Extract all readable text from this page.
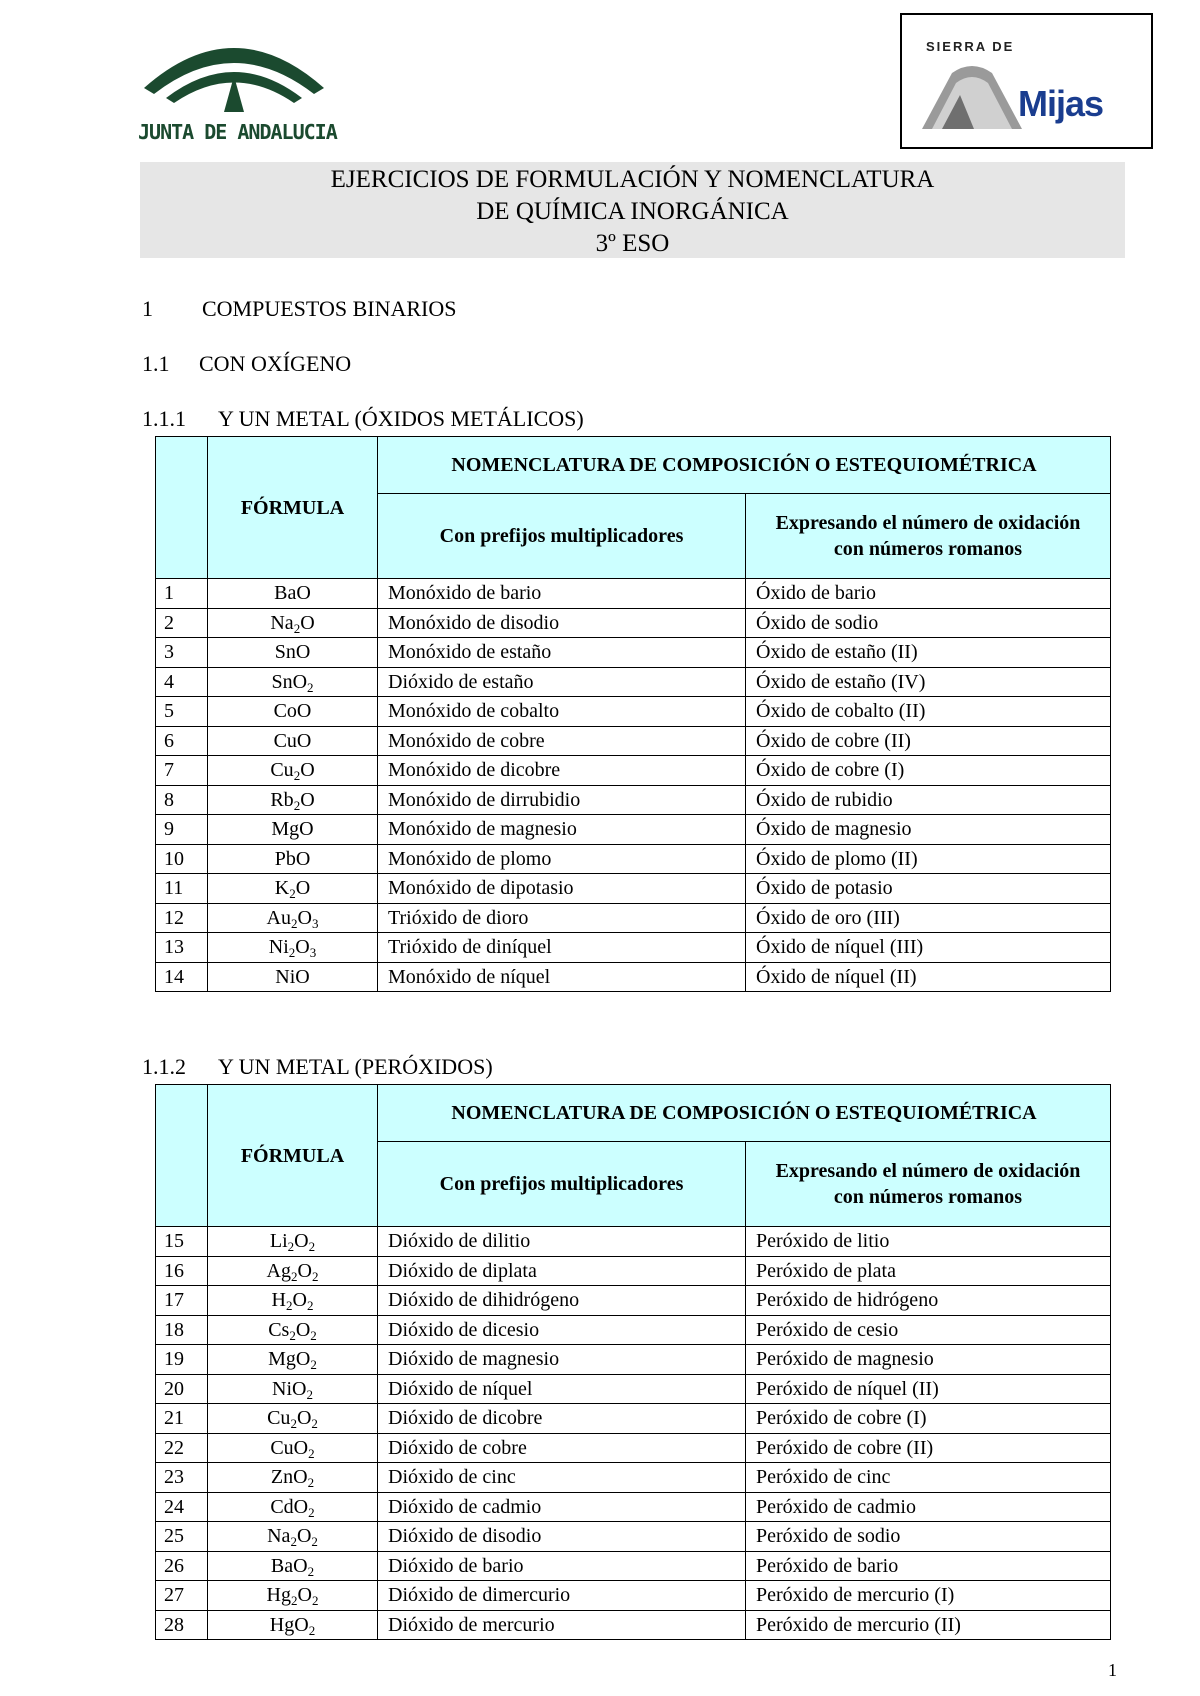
JUNTA DE ANDALUCIA
SIERRA DE
Mijas
EJERCICIOS DE FORMULACIÓN Y NOMENCLATURA
DE QUÍMICA INORGÁNICA
3º ESO
1 COMPUESTOS BINARIOS
1.1 CON OXÍGENO
1.1.1 Y UN METAL (ÓXIDOS METÁLICOS)
	FÓRMULA	NOMENCLATURA DE COMPOSICIÓN O ESTEQUIOMÉTRICA	
		Con prefijos multiplicadores	Expresando el número de oxidación
con números romanos
1	BaO	Monóxido de bario	Óxido de bario
2	$Na_2O$	Monóxido de disodio	Óxido de sodio
3	SnO	Monóxido de estaño	Óxido de estaño (II)
4	SnO$_2$	Dióxido de estaño	Óxido de estaño (IV)
5	CoO	Monóxido de cobalto	Óxido de cobalto (II)
6	CuO	Monóxido de cobre	Óxido de cobre (II)
7	$Cu_2O$	Monóxido de dicobre	Óxido de cobre (I)
8	$Rb_2O$	Monóxido de dirrubidio	Óxido de rubidio
9	MgO	Monóxido de magnesio	Óxido de magnesio
10	PbO	Monóxido de plomo	Óxido de plomo (II)
11	$K_2O$	Monóxido de dipotasio	Óxido de potasio
12	$Au_2O_3$	Trióxido de dioro	Óxido de oro (III)
13	$Ni_2O_3$	Trióxido de diníquel	Óxido de níquel (III)
14	NiO	Monóxido de níquel	Óxido de níquel (II)
1.1.2 Y UN METAL (PERÓXIDOS)
	FÓRMULA	NOMENCLATURA DE COMPOSICIÓN O ESTEQUIOMÉTRICA	
		Con prefijos multiplicadores	Expresando el número de oxidación
con números romanos
15	$Li_2O_2$	Dióxido de dilitio	Peróxido de litio
16	$Ag_2O_2$	Dióxido de diplata	Peróxido de plata
17	$H_2O_2$	Dióxido de dihidrógeno	Peróxido de hidrógeno
18	$Cs_2O_2$	Dióxido de dicesio	Peróxido de cesio
19	MgO$_2$	Dióxido de magnesio	Peróxido de magnesio
20	NiO$_2$	Dióxido de níquel	Peróxido de níquel (II)
21	$Cu_2O_2$	Dióxido de dicobre	Peróxido de cobre (I)
22	CuO$_2$	Dióxido de cobre	Peróxido de cobre (II)
23	ZnO$_2$	Dióxido de cinc	Peróxido de cinc
24	CdO$_2$	Dióxido de cadmio	Peróxido de cadmio
25	$Na_2O_2$	Dióxido de disodio	Peróxido de sodio
26	BaO$_2$	Dióxido de bario	Peróxido de bario
27	$Hg_2O_2$	Dióxido de dimercurio	Peróxido de mercurio (I)
28	HgO$_2$	Dióxido de mercurio	Peróxido de mercurio (II)
1
